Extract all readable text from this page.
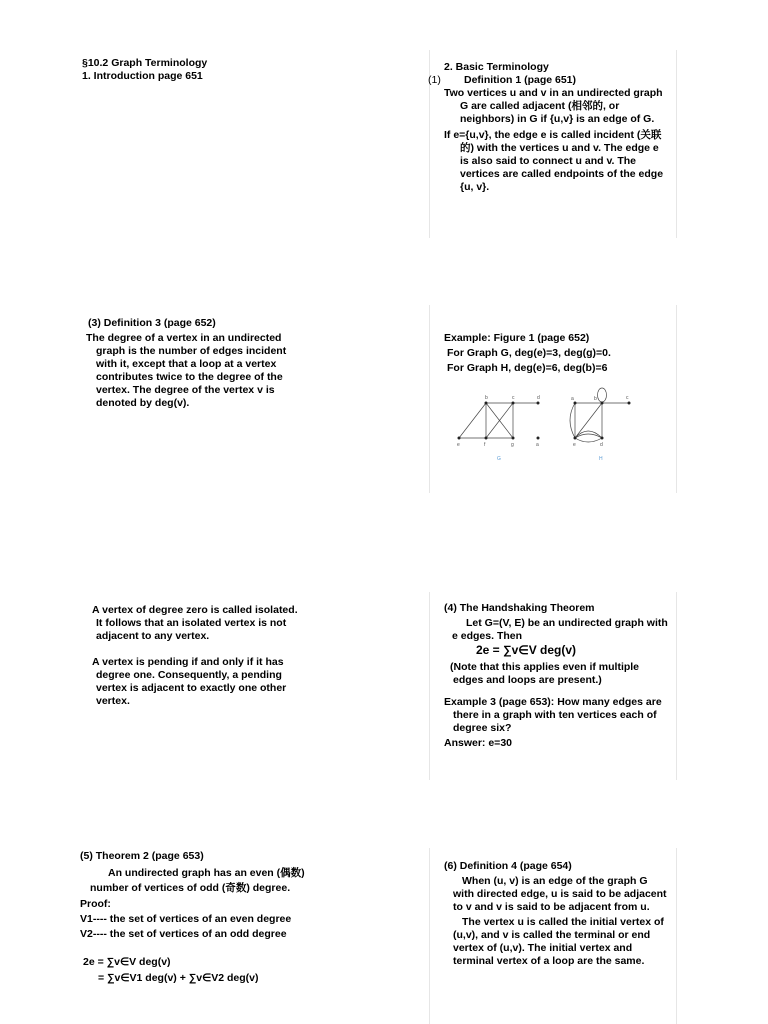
§10.2 Graph Terminology

1. Introduction page 651

2. Basic Terminology

(1) Definition 1 (page 651)

Two vertices u and v in an undirected graph G are called adjacent (相邻的, or neighbors) in G if {u,v} is an edge of G.

If e={u,v}, the edge e is called incident (关联的) with the vertices u and v. The edge e is also said to connect u and v. The vertices are called endpoints of the edge {u, v}.

(3) Definition 3 (page 652)

The degree of a vertex in an undirected graph is the number of edges incident with it, except that a loop at a vertex contributes twice to the degree of the vertex. The degree of the vertex v is denoted by deg(v).

Example: Figure 1 (page 652)

For Graph G, deg(e)=3, deg(g)=0.

For Graph H, deg(e)=6, deg(b)=6

b	c	d
e	f	g	a
G
a	b	c
e	d
H

A vertex of degree zero is called isolated. It follows that an isolated vertex is not adjacent to any vertex.

A vertex is pending if and only if it has degree one. Consequently, a pending vertex is adjacent to exactly one other vertex.

(4) The Handshaking Theorem

Let G=(V, E) be an undirected graph with e edges. Then

2e = ∑v∈V deg(v)

(Note that this applies even if multiple edges and loops are present.)

Example 3 (page 653): How many edges are there in a graph with ten vertices each of degree six?

Answer: e=30

(5) Theorem 2 (page 653)

An undirected graph has an even (偶数) number of vertices of odd (奇数) degree.

Proof:

V1---- the set of vertices of an even degree

V2---- the set of vertices of an odd degree

2e = ∑v∈V deg(v)

= ∑v∈V1 deg(v) + ∑v∈V2 deg(v)

(6) Definition 4 (page 654)

When (u, v) is an edge of the graph G with directed edge, u is said to be adjacent to v and v is said to be adjacent from u.

The vertex u is called the initial vertex of (u,v), and v is called the terminal or end vertex of (u,v). The initial vertex and terminal vertex of a loop are the same.
